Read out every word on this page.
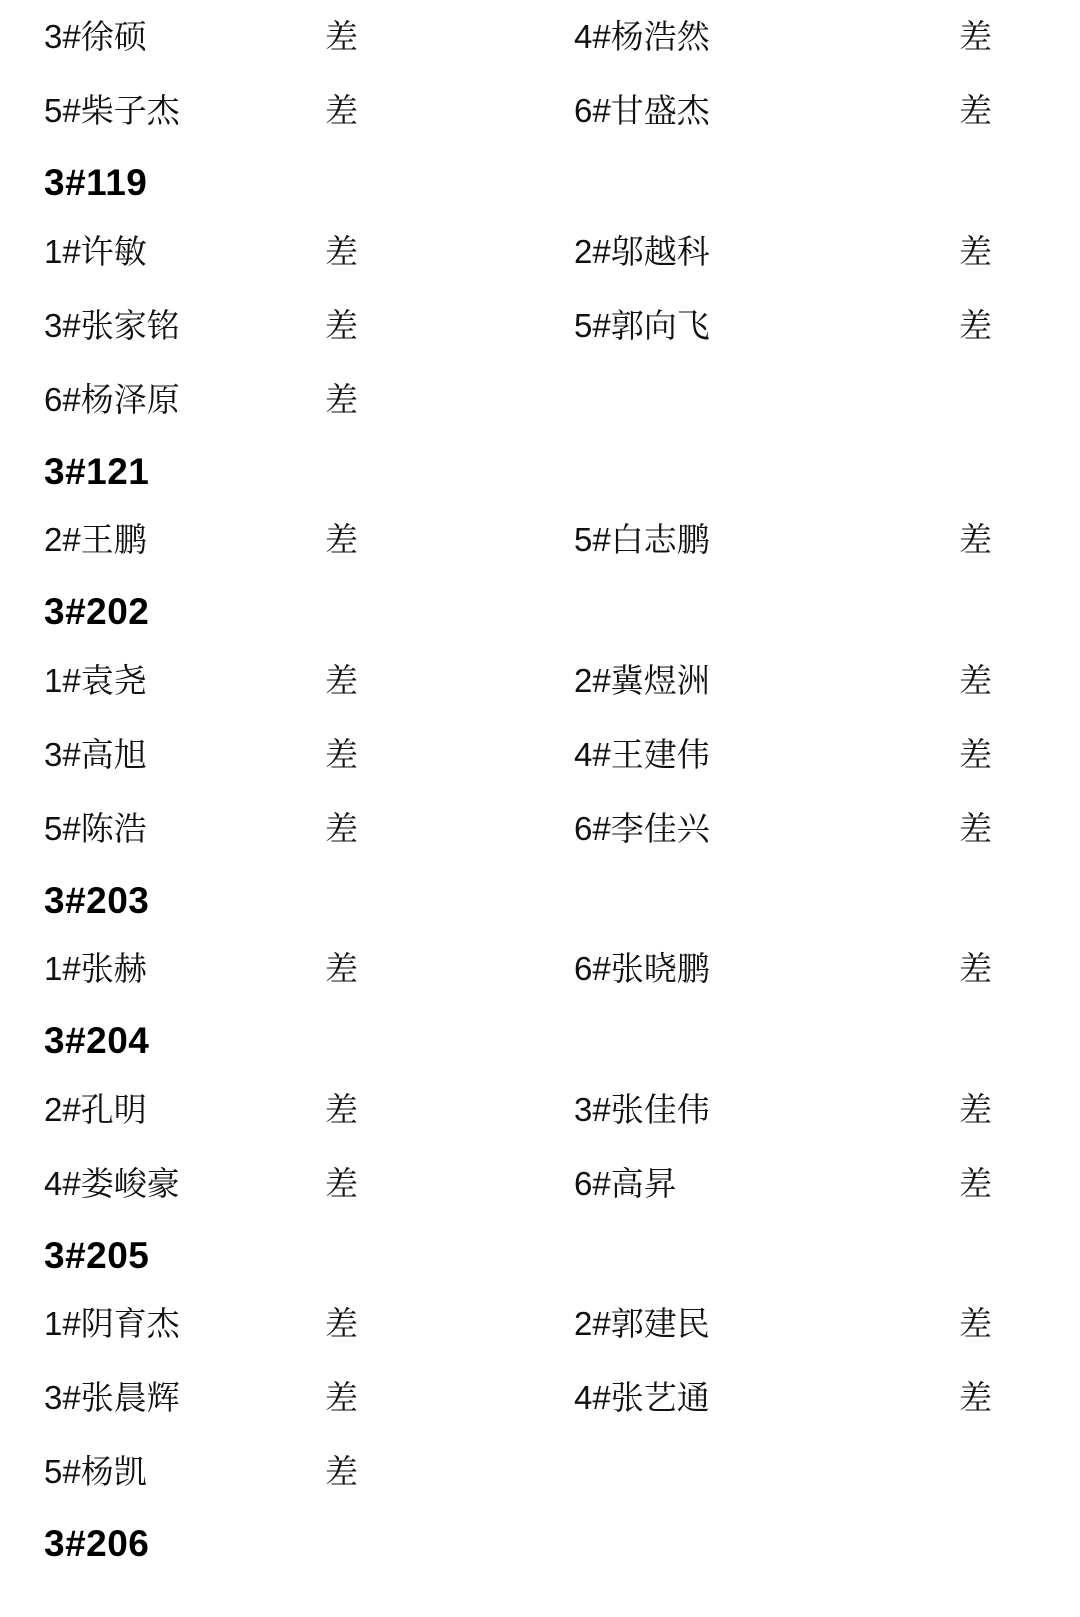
3#徐硕	差	4#杨浩然	差
5#柴子杰	差	6#甘盛杰	差
3#119
1#许敏	差	2#邬越科	差
3#张家铭	差	5#郭向飞	差
6#杨泽原	差
3#121
2#王鹏	差	5#白志鹏	差
3#202
1#袁尧	差	2#冀煜洲	差
3#高旭	差	4#王建伟	差
5#陈浩	差	6#李佳兴	差
3#203
1#张赫	差	6#张晓鹏	差
3#204
2#孔明	差	3#张佳伟	差
4#娄峻豪	差	6#高昇	差
3#205
1#阴育杰	差	2#郭建民	差
3#张晨辉	差	4#张艺通	差
5#杨凯	差
3#206
